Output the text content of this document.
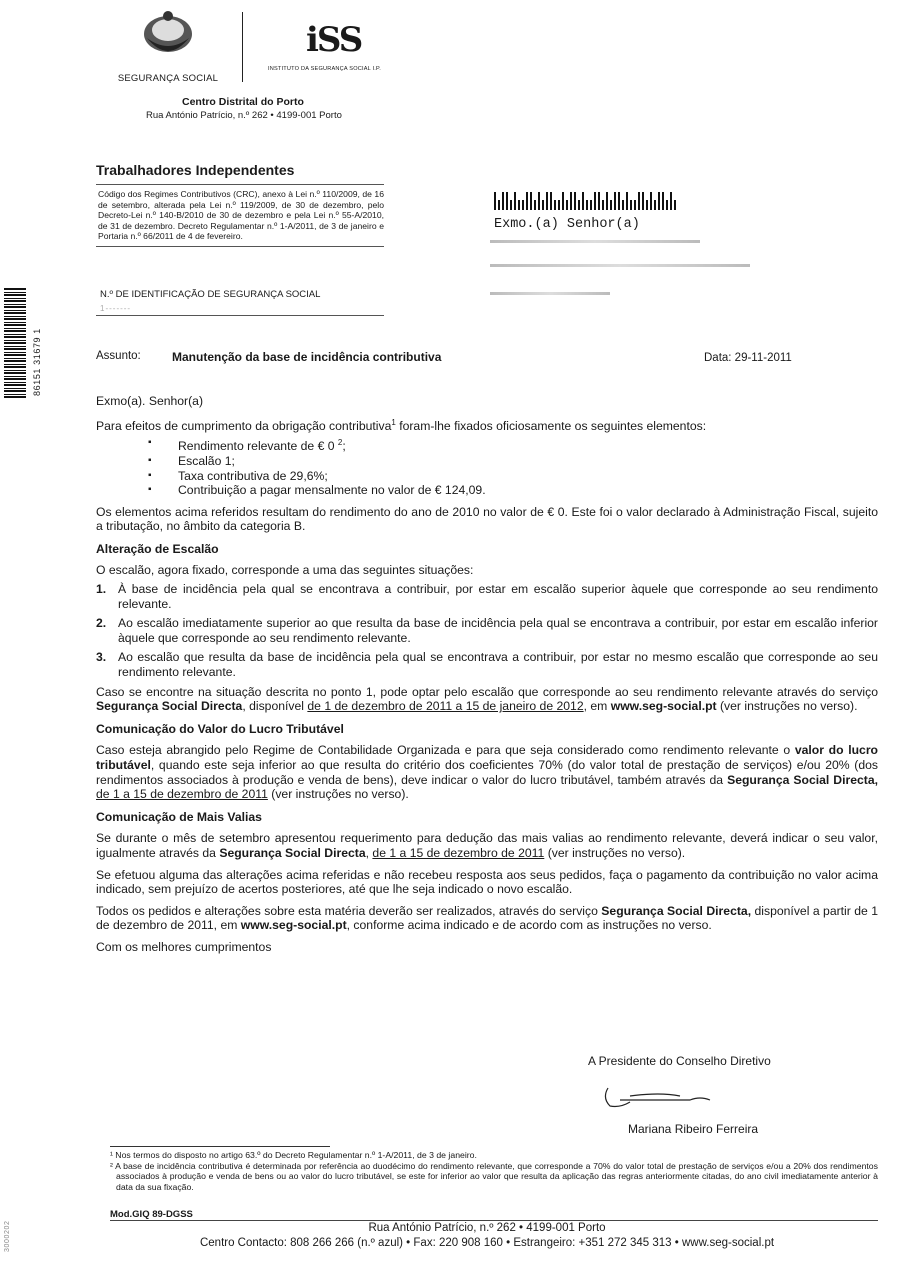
SEGURANÇA SOCIAL
iSS
INSTITUTO DA SEGURANÇA SOCIAL I.P.
Centro Distrital do Porto
Rua António Patrício, n.º 262 • 4199-001 Porto
Trabalhadores Independentes
Código dos Regimes Contributivos (CRC), anexo à Lei n.º 110/2009, de 16 de setembro, alterada pela Lei n.º 119/2009, de 30 de dezembro, pelo Decreto-Lei n.º 140-B/2010 de 30 de dezembro e pela Lei n.º 55-A/2010, de 31 de dezembro. Decreto Regulamentar n.º 1-A/2011, de 3 de janeiro e Portaria n.º 66/2011 de 4 de fevereiro.
N.º DE IDENTIFICAÇÃO DE SEGURANÇA SOCIAL
1-------
Exmo.(a) Senhor(a)
86151 31679 1	Assunto:	Manutenção da base de incidência contributiva	Data: 29-11-2011

Exmo(a). Senhor(a)

Para efeitos de cumprimento da obrigação contributiva$^1$ foram-lhe fixados oficiosamente os seguintes elementos:

▪ Rendimento relevante de € 0 $^2$;
▪ Escalão 1;
▪ Taxa contributiva de 29,6%;
▪ Contribuição a pagar mensalmente no valor de € 124,09.

Os elementos acima referidos resultam do rendimento do ano de 2010 no valor de € 0. Este foi o valor declarado à Administração Fiscal, sujeito a tributação, no âmbito da categoria B.

Alteração de Escalão

O escalão, agora fixado, corresponde a uma das seguintes situações:

1. À base de incidência pela qual se encontrava a contribuir, por estar em escalão superior àquele que corresponde ao seu rendimento relevante.
2. Ao escalão imediatamente superior ao que resulta da base de incidência pela qual se encontrava a contribuir, por estar em escalão inferior àquele que corresponde ao seu rendimento relevante.
3. Ao escalão que resulta da base de incidência pela qual se encontrava a contribuir, por estar no mesmo escalão que corresponde ao seu rendimento relevante.

Caso se encontre na situação descrita no ponto 1, pode optar pelo escalão que corresponde ao seu rendimento relevante através do serviço Segurança Social Directa, disponível de 1 de dezembro de 2011 a 15 de janeiro de 2012, em www.seg-social.pt (ver instruções no verso).

Comunicação do Valor do Lucro Tributável

Caso esteja abrangido pelo Regime de Contabilidade Organizada e para que seja considerado como rendimento relevante o valor do lucro tributável, quando este seja inferior ao que resulta do critério dos coeficientes 70% (do valor total de prestação de serviços) e/ou 20% (dos rendimentos associados à produção e venda de bens), deve indicar o valor do lucro tributável, também através da Segurança Social Directa, de 1 a 15 de dezembro de 2011 (ver instruções no verso).

Comunicação de Mais Valias

Se durante o mês de setembro apresentou requerimento para dedução das mais valias ao rendimento relevante, deverá indicar o seu valor, igualmente através da Segurança Social Directa, de 1 a 15 de dezembro de 2011 (ver instruções no verso).

Se efetuou alguma das alterações acima referidas e não recebeu resposta aos seus pedidos, faça o pagamento da contribuição no valor acima indicado, sem prejuízo de acertos posteriores, até que lhe seja indicado o novo escalão.

Todos os pedidos e alterações sobre esta matéria deverão ser realizados, através do serviço Segurança Social Directa, disponível a partir de 1 de dezembro de 2011, em www.seg-social.pt, conforme acima indicado e de acordo com as instruções no verso.

Com os melhores cumprimentos

A Presidente do Conselho Diretivo
Mariana Ribeiro Ferreira
¹ Nos termos do disposto no artigo 63.º do Decreto Regulamentar n.º 1-A/2011, de 3 de janeiro.
² A base de incidência contributiva é determinada por referência ao duodécimo do rendimento relevante, que corresponde a 70% do valor total de prestação de serviços e/ou a 20% dos rendimentos associados à produção e venda de bens ou ao valor do lucro tributável, se este for inferior ao valor que resulta da aplicação das regras anteriormente citadas, do ano civil imediatamente anterior à data da sua fixação.
Mod.GIQ 89-DGSS
Rua António Patrício, n.º 262 • 4199-001 Porto
Centro Contacto: 808 266 266 (n.º azul) • Fax: 220 908 160 • Estrangeiro: +351 272 345 313 • www.seg-social.pt
3000202
